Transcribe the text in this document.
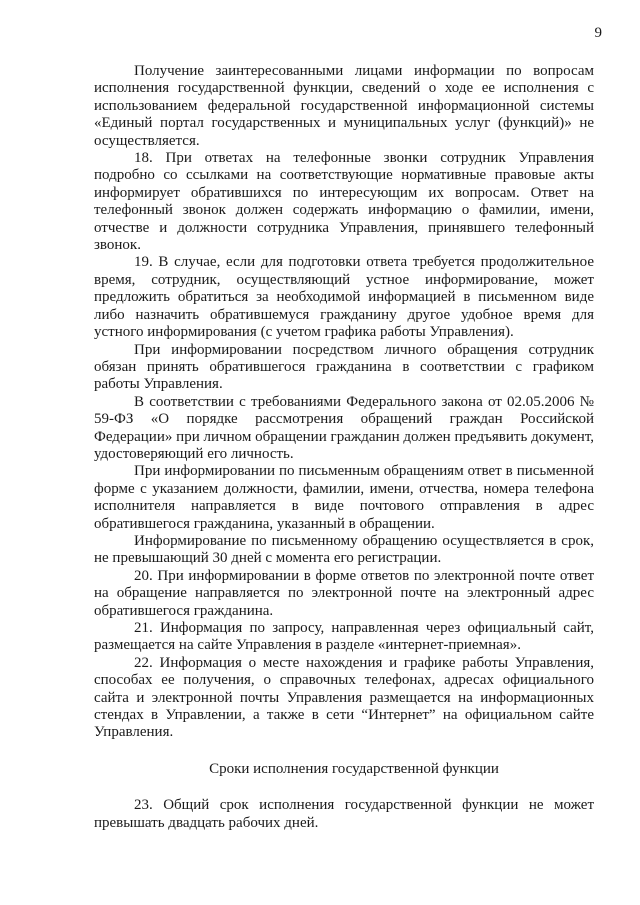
9

Получение заинтересованными лицами информации по вопросам исполнения государственной функции, сведений о ходе ее исполнения с использованием федеральной государственной информационной системы «Единый портал государственных и муниципальных услуг (функций)» не осуществляется.

18. При ответах на телефонные звонки сотрудник Управления подробно со ссылками на соответствующие нормативные правовые акты информирует обратившихся по интересующим их вопросам. Ответ на телефонный звонок должен содержать информацию о фамилии, имени, отчестве и должности сотрудника Управления, принявшего телефонный звонок.

19. В случае, если для подготовки ответа требуется продолжительное время, сотрудник, осуществляющий устное информирование, может предложить обратиться за необходимой информацией в письменном виде либо назначить обратившемуся гражданину другое удобное время для устного информирования (с учетом графика работы Управления).

При информировании посредством личного обращения сотрудник обязан принять обратившегося гражданина в соответствии с графиком работы Управления.

В соответствии с требованиями Федерального закона от 02.05.2006 № 59-ФЗ «О порядке рассмотрения обращений граждан Российской Федерации» при личном обращении гражданин должен предъявить документ, удостоверяющий его личность.

При информировании по письменным обращениям ответ в письменной форме с указанием должности, фамилии, имени, отчества, номера телефона исполнителя направляется в виде почтового отправления в адрес обратившегося гражданина, указанный в обращении.

Информирование по письменному обращению осуществляется в срок, не превышающий 30 дней с момента его регистрации.

20. При информировании в форме ответов по электронной почте ответ на обращение направляется по электронной почте на электронный адрес обратившегося гражданина.

21. Информация по запросу, направленная через официальный сайт, размещается на сайте Управления в разделе «интернет-приемная».

22. Информация о месте нахождения и графике работы Управления, способах ее получения, о справочных телефонах, адресах официального сайта и электронной почты Управления размещается на информационных стендах в Управлении, а также в сети “Интернет” на официальном сайте Управления.

Сроки исполнения государственной функции

23. Общий срок исполнения государственной функции не может превышать двадцать рабочих дней.
